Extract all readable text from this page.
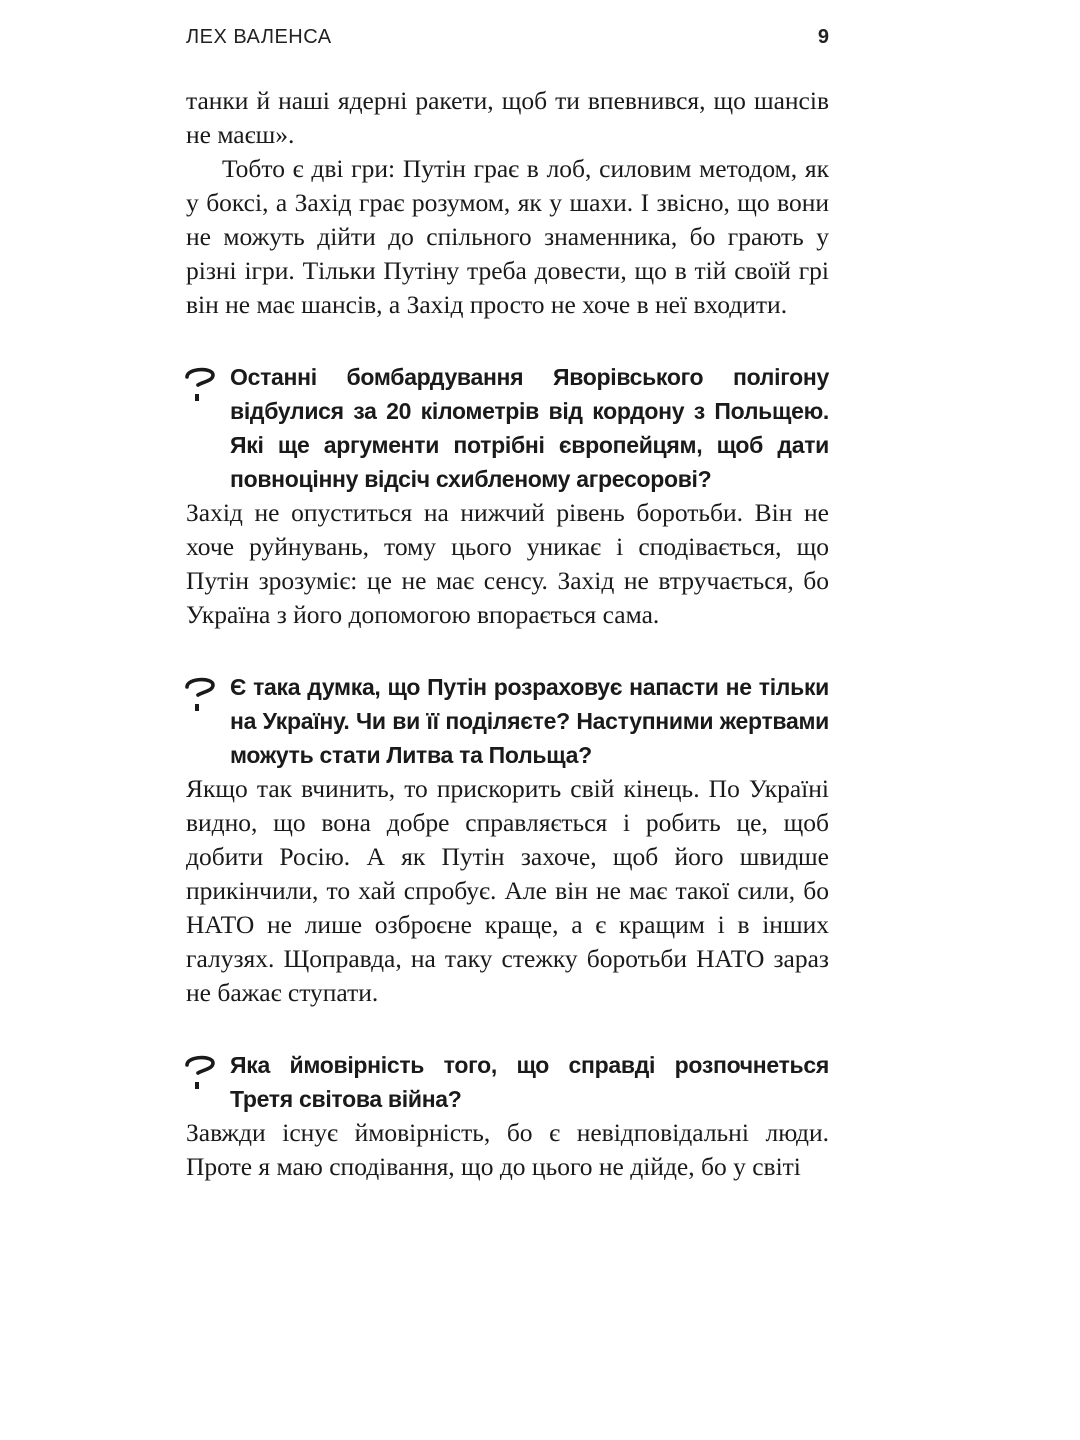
ЛЕХ ВАЛЕНСА	9

танки й наші ядерні ракети, щоб ти впевнився, що шансів не маєш».

Тобто є дві гри: Путін грає в лоб, силовим методом, як у боксі, а Захід грає розумом, як у шахи. І звісно, що вони не можуть дійти до спільного знаменника, бо грають у різні ігри. Тільки Путіну треба довести, що в тій своїй грі він не має шансів, а Захід просто не хоче в неї входити.

Останні бомбардування Яворівського полігону відбулися за 20 кілометрів від кордону з Польщею. Які ще аргументи потрібні європейцям, щоб дати повноцінну відсіч схибленому агресорові?

Захід не опуститься на нижчий рівень боротьби. Він не хоче руйнувань, тому цього уникає і сподівається, що Путін зрозуміє: це не має сенсу. Захід не втручається, бо Україна з його допомогою впорається сама.

Є така думка, що Путін розраховує напасти не тільки на Україну. Чи ви її поділяєте? Наступними жертвами можуть стати Литва та Польща?

Якщо так вчинить, то прискорить свій кінець. По Україні видно, що вона добре справляється і робить це, щоб добити Росію. А як Путін захоче, щоб його швидше прикінчили, то хай спробує. Але він не має такої сили, бо НАТО не лише озброєне краще, а є кращим і в інших галузях. Щоправда, на таку стежку боротьби НАТО зараз не бажає ступати.

Яка ймовірність того, що справді розпочнеться Третя світова війна?

Завжди існує ймовірність, бо є невідповідальні люди. Проте я маю сподівання, що до цього не дійде, бо у світі
